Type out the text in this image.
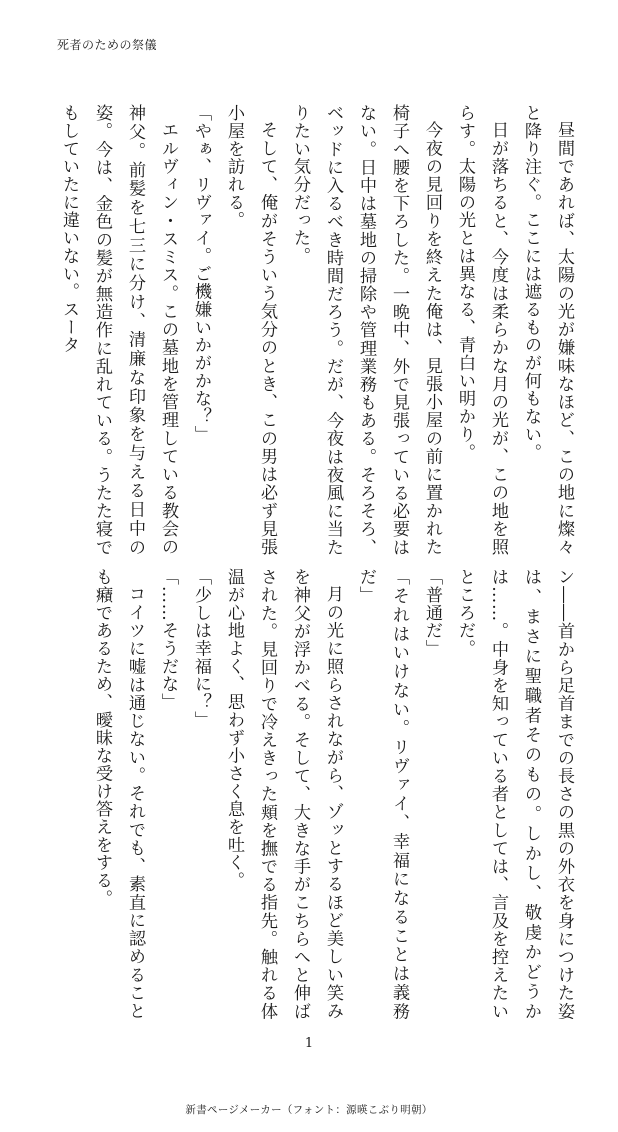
死者のための祭儀

昼間であれば、太陽の光が嫌味なほど、この地に燦々と降り注ぐ。ここには遮るものが何もない。

日が落ちると、今度は柔らかな月の光が、この地を照らす。太陽の光とは異なる、青白い明かり。

今夜の見回りを終えた俺は、見張小屋の前に置かれた椅子へ腰を下ろした。一晩中、外で見張っている必要はない。日中は墓地の掃除や管理業務もある。そろそろ、ベッドに入るべき時間だろう。だが、今夜は夜風に当たりたい気分だった。

そして、俺がそういう気分のとき、この男は必ず見張小屋を訪れる。

「やぁ、リヴァイ。ご機嫌いかがかな？」

エルヴィン・スミス。この墓地を管理している教会の神父。前髪を七三に分け、清廉な印象を与える日中の姿。今は、金色の髪が無造作に乱れている。うたた寝でもしていたに違いない。スータ

ン――首から足首までの長さの黒の外衣を身につけた姿は、まさに聖職者そのもの。しかし、敬虔かどうかは……。中身を知っている者としては、言及を控えたいところだ。

「普通だ」

「それはいけない。リヴァイ、幸福になることは義務だ」

月の光に照らされながら、ゾッとするほど美しい笑みを神父が浮かべる。そして、大きな手がこちらへと伸ばされた。見回りで冷えきった頬を撫でる指先。触れる体温が心地よく、思わず小さく息を吐く。

「少しは幸福に？」

「……そうだな」

コイツに嘘は通じない。それでも、素直に認めることも癪であるため、曖昧な受け答えをする。

1
新書ページメーカー（フォント：源暎こぶり明朝）
